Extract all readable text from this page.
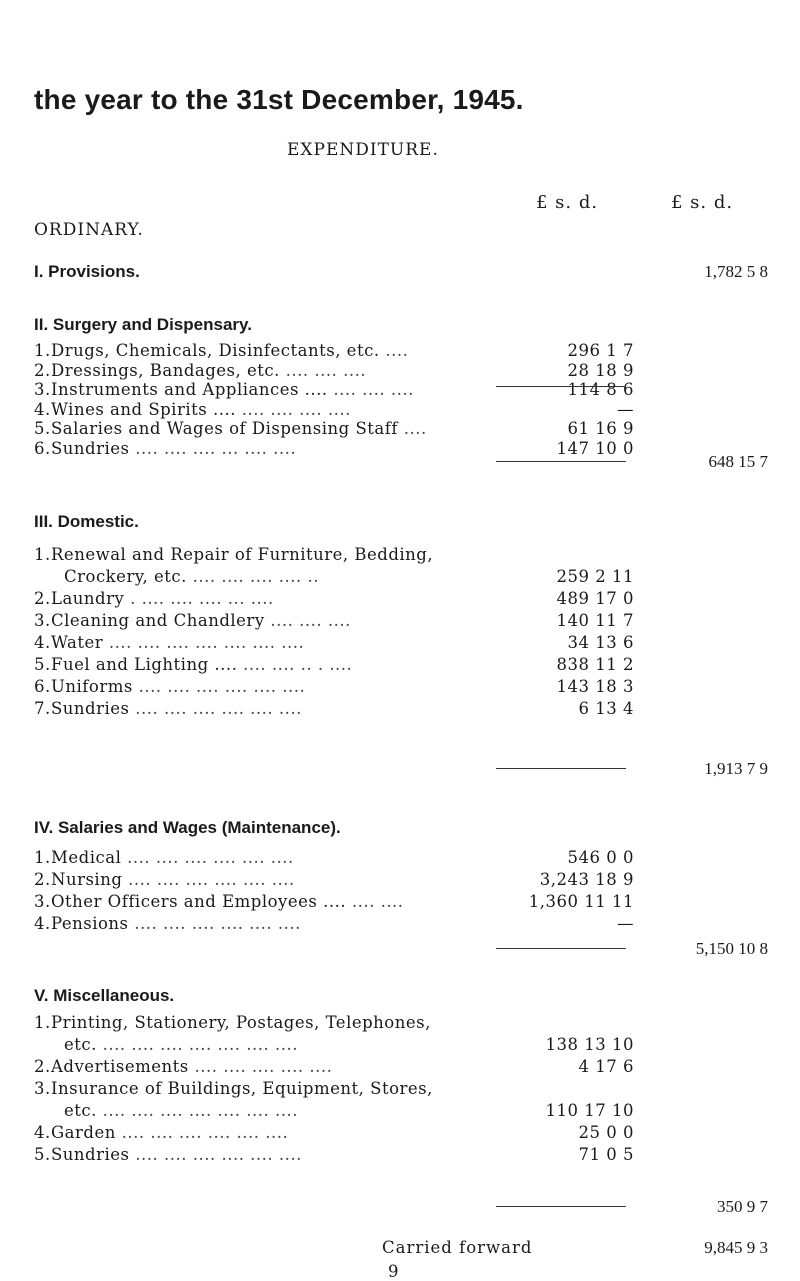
the year to the 31st December, 1945.
EXPENDITURE.
£ s. d.	£ s. d.
ORDINARY.
I. Provisions.	1,782 5 8
II. Surgery and Dispensary.
1. Drugs, Chemicals, Disinfectants, etc. ....	296 1 7
2. Dressings, Bandages, etc. .... .... ....	28 18 9
3. Instruments and Appliances .... .... .... ....	114 8 6
4. Wines and Spirits .... .... .... .... ....	—
5. Salaries and Wages of Dispensing Staff ....	61 16 9
6. Sundries .... .... .... ... .... ....	147 10 0
648 15 7
III. Domestic.
1. Renewal and Repair of Furniture, Bedding,
Crockery, etc. .... .... .... .... ..	259 2 11
2. Laundry . .... .... .... ... ....	489 17 0
3. Cleaning and Chandlery .... .... ....	140 11 7
4. Water .... .... .... .... .... .... ....	34 13 6
5. Fuel and Lighting .... .... .... .. . ....	838 11 2
6. Uniforms .... .... .... .... .... ....	143 18 3
7. Sundries .... .... .... .... .... ....	6 13 4
1,913 7 9
IV. Salaries and Wages (Maintenance).
1. Medical .... .... .... .... .... ....	546 0 0
2. Nursing .... .... .... .... .... ....	3,243 18 9
3. Other Officers and Employees .... .... ....	1,360 11 11
4. Pensions .... .... .... .... .... ....	—
5,150 10 8
V. Miscellaneous.
1. Printing, Stationery, Postages, Telephones,
etc. .... .... .... .... .... .... ....	138 13 10
2. Advertisements .... .... .... .... ....	4 17 6
3. Insurance of Buildings, Equipment, Stores,
etc. .... .... .... .... .... .... ....	110 17 10
4. Garden .... .... .... .... .... ....	25 0 0
5. Sundries .... .... .... .... .... ....	71 0 5
350 9 7
Carried forward	9,845 9 3
9
